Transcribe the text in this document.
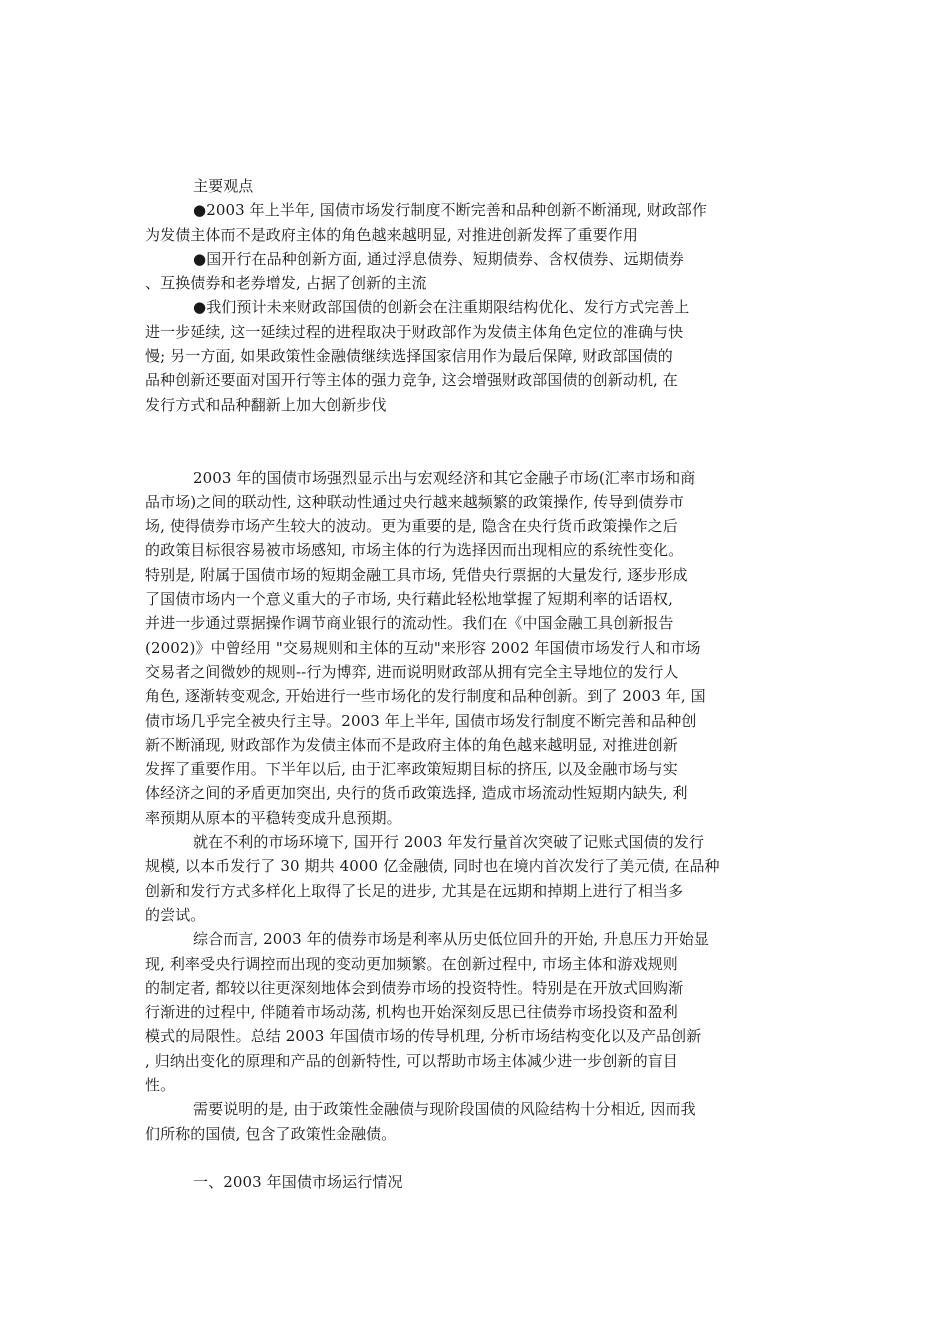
主要观点
●2003 年上半年, 国债市场发行制度不断完善和品种创新不断涌现, 财政部作
为发债主体而不是政府主体的角色越来越明显, 对推进创新发挥了重要作用
●国开行在品种创新方面, 通过浮息债券、短期债券、含权债券、远期债券
、互换债券和老券增发, 占据了创新的主流
●我们预计未来财政部国债的创新会在注重期限结构优化、发行方式完善上
进一步延续, 这一延续过程的进程取决于财政部作为发债主体角色定位的准确与快
慢; 另一方面, 如果政策性金融债继续选择国家信用作为最后保障, 财政部国债的
品种创新还要面对国开行等主体的强力竞争, 这会增强财政部国债的创新动机, 在
发行方式和品种翻新上加大创新步伐
2003 年的国债市场强烈显示出与宏观经济和其它金融子市场(汇率市场和商
品市场)之间的联动性, 这种联动性通过央行越来越频繁的政策操作, 传导到债券市
场, 使得债券市场产生较大的波动。更为重要的是, 隐含在央行货币政策操作之后
的政策目标很容易被市场感知, 市场主体的行为选择因而出现相应的系统性变化。
特别是, 附属于国债市场的短期金融工具市场, 凭借央行票据的大量发行, 逐步形成
了国债市场内一个意义重大的子市场, 央行藉此轻松地掌握了短期利率的话语权,
并进一步通过票据操作调节商业银行的流动性。我们在《中国金融工具创新报告
(2002)》中曾经用 "交易规则和主体的互动"来形容 2002 年国债市场发行人和市场
交易者之间微妙的规则--行为博弈, 进而说明财政部从拥有完全主导地位的发行人
角色, 逐渐转变观念, 开始进行一些市场化的发行制度和品种创新。到了 2003 年, 国
债市场几乎完全被央行主导。2003 年上半年, 国债市场发行制度不断完善和品种创
新不断涌现, 财政部作为发债主体而不是政府主体的角色越来越明显, 对推进创新
发挥了重要作用。下半年以后, 由于汇率政策短期目标的挤压, 以及金融市场与实
体经济之间的矛盾更加突出, 央行的货币政策选择, 造成市场流动性短期内缺失, 利
率预期从原本的平稳转变成升息预期。
就在不利的市场环境下, 国开行 2003 年发行量首次突破了记账式国债的发行
规模, 以本币发行了 30 期共 4000 亿金融债, 同时也在境内首次发行了美元债, 在品种
创新和发行方式多样化上取得了长足的进步, 尤其是在远期和掉期上进行了相当多
的尝试。
综合而言, 2003 年的债券市场是利率从历史低位回升的开始, 升息压力开始显
现, 利率受央行调控而出现的变动更加频繁。在创新过程中, 市场主体和游戏规则
的制定者, 都较以往更深刻地体会到债券市场的投资特性。特别是在开放式回购渐
行渐进的过程中, 伴随着市场动荡, 机构也开始深刻反思已往债券市场投资和盈利
模式的局限性。总结 2003 年国债市场的传导机理, 分析市场结构变化以及产品创新
, 归纳出变化的原理和产品的创新特性, 可以帮助市场主体减少进一步创新的盲目
性。
需要说明的是, 由于政策性金融债与现阶段国债的风险结构十分相近, 因而我
们所称的国债, 包含了政策性金融债。
一、2003 年国债市场运行情况
